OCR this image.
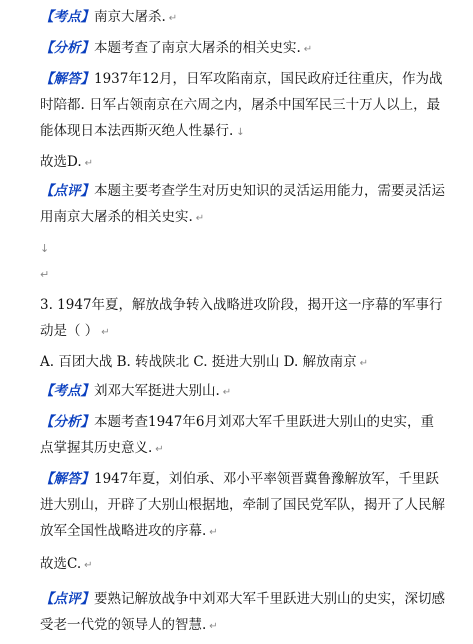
【考点】南京大屠杀. ↵
【分析】本题考查了南京大屠杀的相关史实. ↵
【解答】1937年12月，日军攻陷南京，国民政府迁往重庆，作为战
时陪都. 日军占领南京在六周之内，屠杀中国军民三十万人以上，最
能体现日本法西斯灭绝人性暴行. ↓
故选D. ↵
【点评】本题主要考查学生对历史知识的灵活运用能力，需要灵活运
用南京大屠杀的相关史实. ↵
↓
↵
3. 1947年夏，解放战争转入战略进攻阶段，揭开这一序幕的军事行
动是（ ） ↵
A. 百团大战 B. 转战陕北 C. 挺进大别山 D. 解放南京 ↵
【考点】刘邓大军挺进大别山. ↵
【分析】本题考查1947年6月刘邓大军千里跃进大别山的史实，重
点掌握其历史意义. ↵
【解答】1947年夏，刘伯承、邓小平率领晋冀鲁豫解放军，千里跃
进大别山，开辟了大别山根据地，牵制了国民党军队，揭开了人民解
放军全国性战略进攻的序幕. ↵
故选C. ↵
【点评】要熟记解放战争中刘邓大军千里跃进大别山的史实，深切感
受老一代党的领导人的智慧. ↵
